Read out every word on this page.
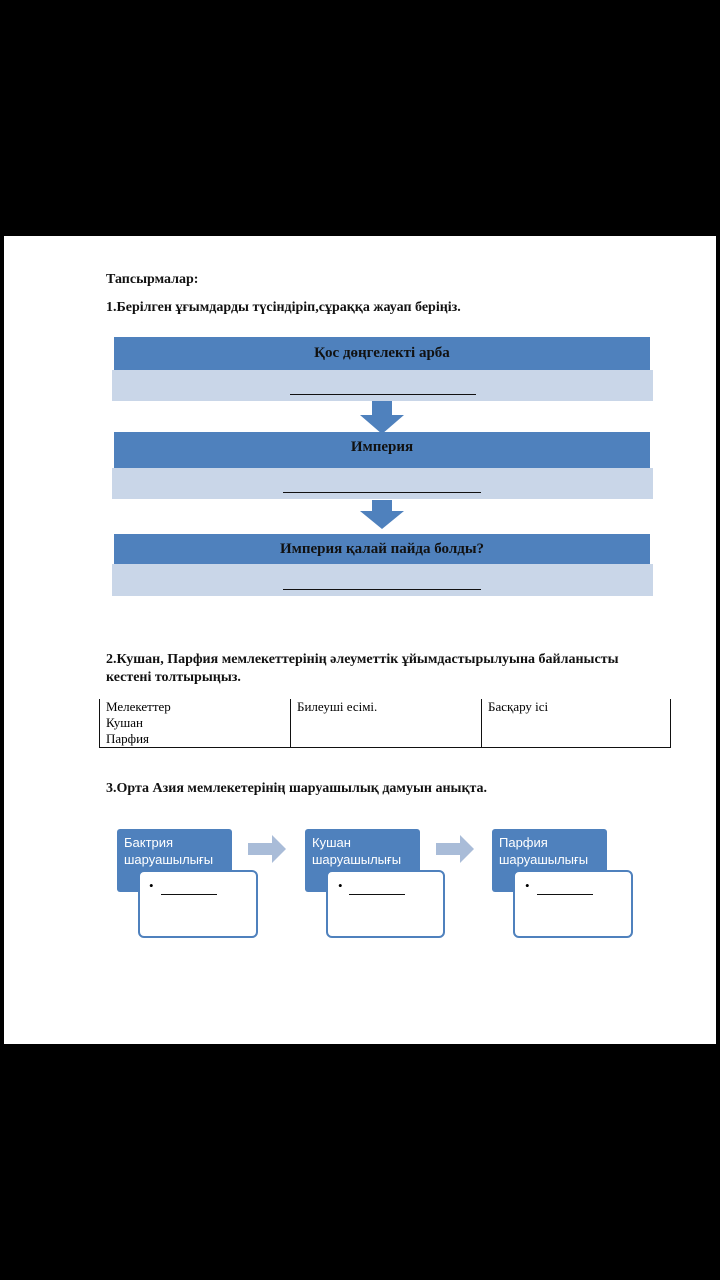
Тапсырмалар:
1.Берілген ұғымдарды түсіндіріп,сұраққа жауап беріңіз.
Қос дөңгелекті арба
Империя
Империя қалай пайда болды?
2.Кушан, Парфия мемлекеттерінің әлеуметтік ұйымдастырылуына байланысты
кестені толтырыңыз.
Мелекеттер	Билеуші есімі.	Басқару ісі
Кушан		
Парфия		
3.Орта Азия мемлекетерінің шаруашылық дамуын анықта.
Бактрия
шаруашылығы
•
Кушан
шаруашылығы
•
Парфия
шаруашылығы
•
